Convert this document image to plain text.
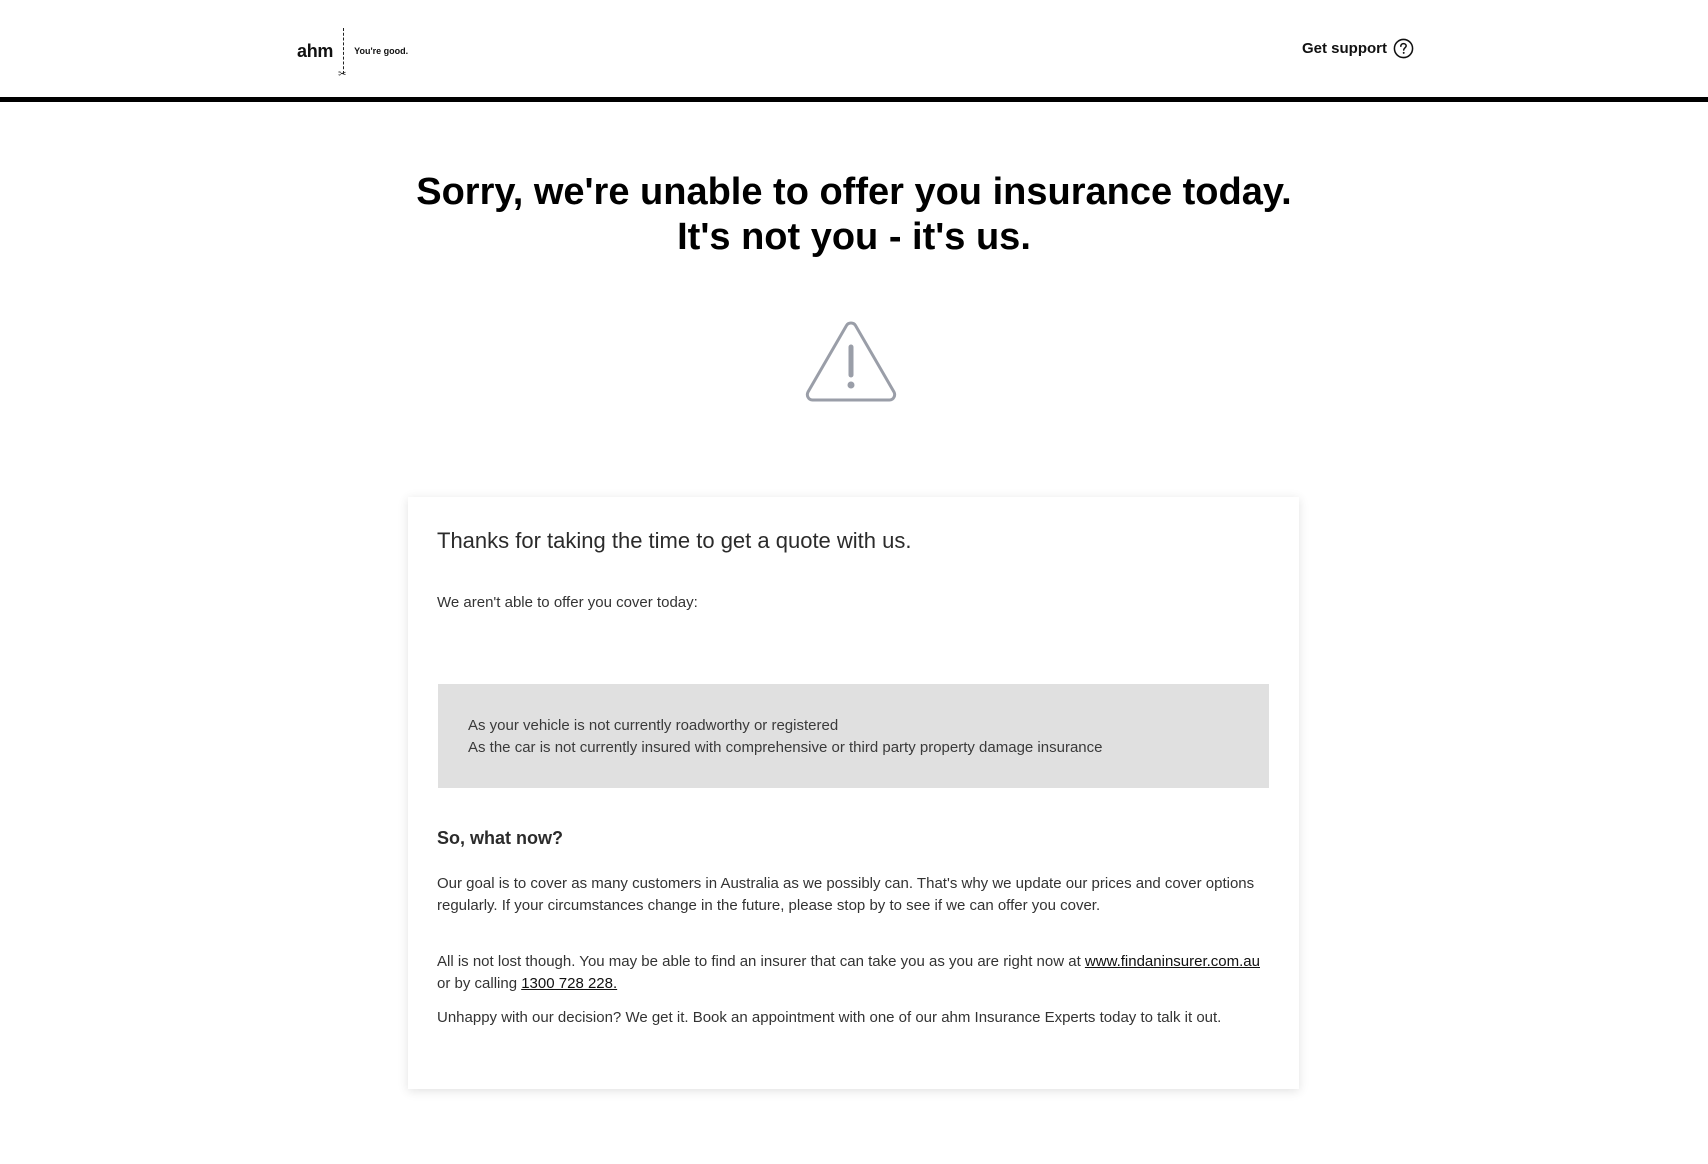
ahm
✂
You're good.	Get support
Sorry, we're unable to offer you insurance today.
It's not you - it's us.
Thanks for taking the time to get a quote with us.
We aren't able to offer you cover today:
As your vehicle is not currently roadworthy or registered
As the car is not currently insured with comprehensive or third party property damage insurance
So, what now?

Our goal is to cover as many customers in Australia as we possibly can. That's why we update our prices and cover options regularly. If your circumstances change in the future, please stop by to see if we can offer you cover.

All is not lost though. You may be able to find an insurer that can take you as you are right now at www.findaninsurer.com.au or by calling 1300 728 228.

Unhappy with our decision? We get it. Book an appointment with one of our ahm Insurance Experts today to talk it out.
